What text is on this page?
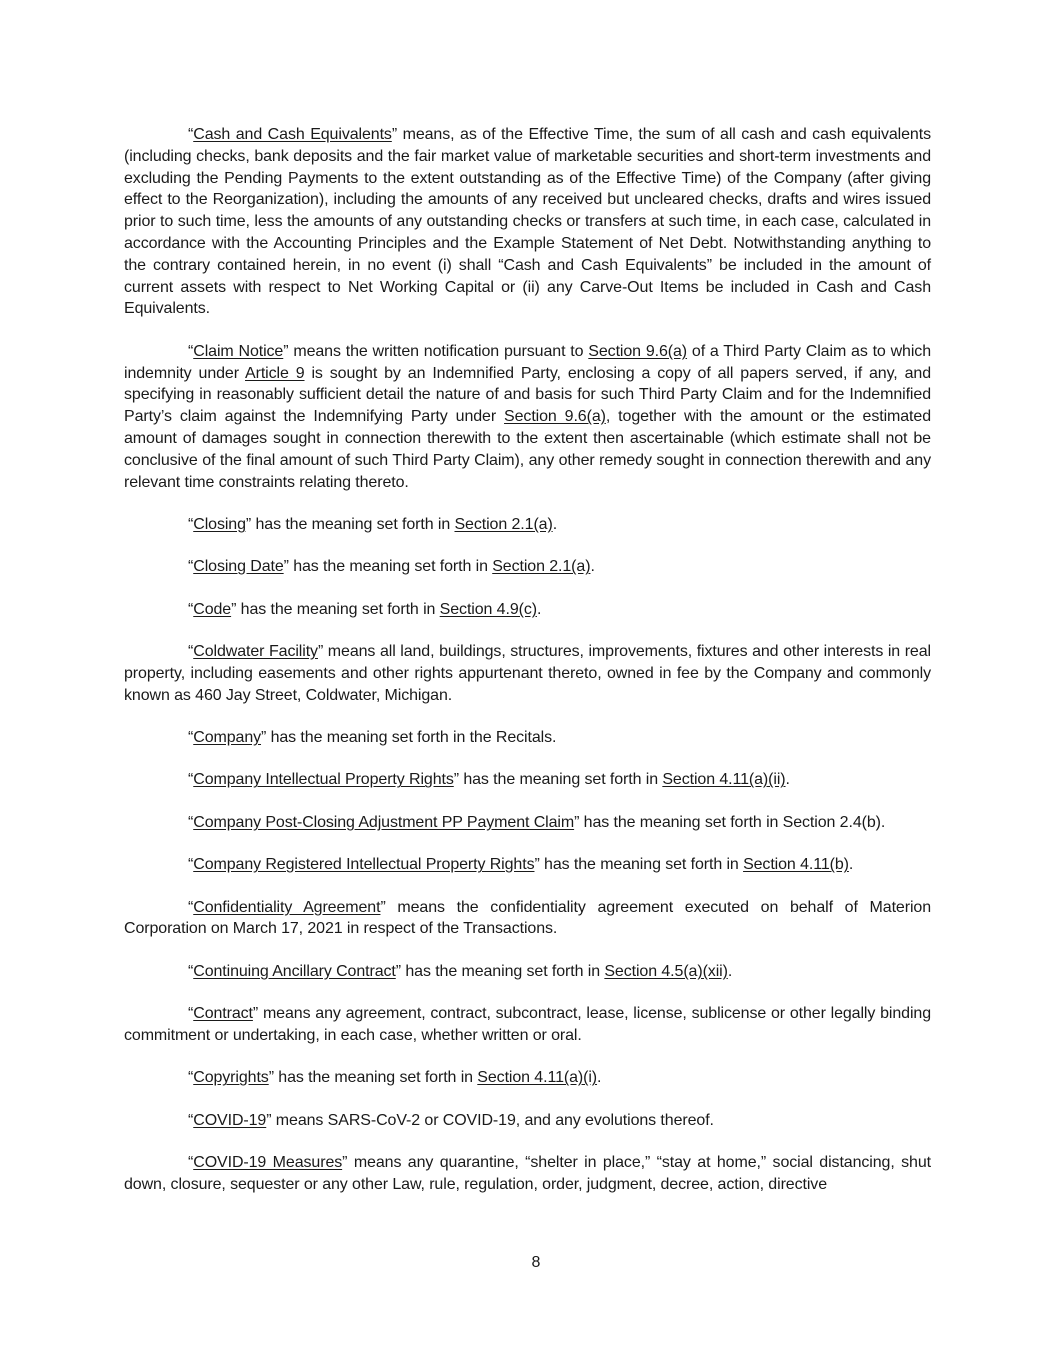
“Cash and Cash Equivalents” means, as of the Effective Time, the sum of all cash and cash equivalents (including checks, bank deposits and the fair market value of marketable securities and short-term investments and excluding the Pending Payments to the extent outstanding as of the Effective Time) of the Company (after giving effect to the Reorganization), including the amounts of any received but uncleared checks, drafts and wires issued prior to such time, less the amounts of any outstanding checks or transfers at such time, in each case, calculated in accordance with the Accounting Principles and the Example Statement of Net Debt. Notwithstanding anything to the contrary contained herein, in no event (i) shall “Cash and Cash Equivalents” be included in the amount of current assets with respect to Net Working Capital or (ii) any Carve-Out Items be included in Cash and Cash Equivalents.

“Claim Notice” means the written notification pursuant to Section 9.6(a) of a Third Party Claim as to which indemnity under Article 9 is sought by an Indemnified Party, enclosing a copy of all papers served, if any, and specifying in reasonably sufficient detail the nature of and basis for such Third Party Claim and for the Indemnified Party’s claim against the Indemnifying Party under Section 9.6(a), together with the amount or the estimated amount of damages sought in connection therewith to the extent then ascertainable (which estimate shall not be conclusive of the final amount of such Third Party Claim), any other remedy sought in connection therewith and any relevant time constraints relating thereto.

“Closing” has the meaning set forth in Section 2.1(a).

“Closing Date” has the meaning set forth in Section 2.1(a).

“Code” has the meaning set forth in Section 4.9(c).

“Coldwater Facility” means all land, buildings, structures, improvements, fixtures and other interests in real property, including easements and other rights appurtenant thereto, owned in fee by the Company and commonly known as 460 Jay Street, Coldwater, Michigan.

“Company” has the meaning set forth in the Recitals.

“Company Intellectual Property Rights” has the meaning set forth in Section 4.11(a)(ii).

“Company Post-Closing Adjustment PP Payment Claim” has the meaning set forth in Section 2.4(b).

“Company Registered Intellectual Property Rights” has the meaning set forth in Section 4.11(b).

“Confidentiality Agreement” means the confidentiality agreement executed on behalf of Materion Corporation on March 17, 2021 in respect of the Transactions.

“Continuing Ancillary Contract” has the meaning set forth in Section 4.5(a)(xii).

“Contract” means any agreement, contract, subcontract, lease, license, sublicense or other legally binding commitment or undertaking, in each case, whether written or oral.

“Copyrights” has the meaning set forth in Section 4.11(a)(i).

“COVID-19” means SARS-CoV-2 or COVID-19, and any evolutions thereof.

“COVID-19 Measures” means any quarantine, “shelter in place,” “stay at home,” social distancing, shut down, closure, sequester or any other Law, rule, regulation, order, judgment, decree, action, directive

8
